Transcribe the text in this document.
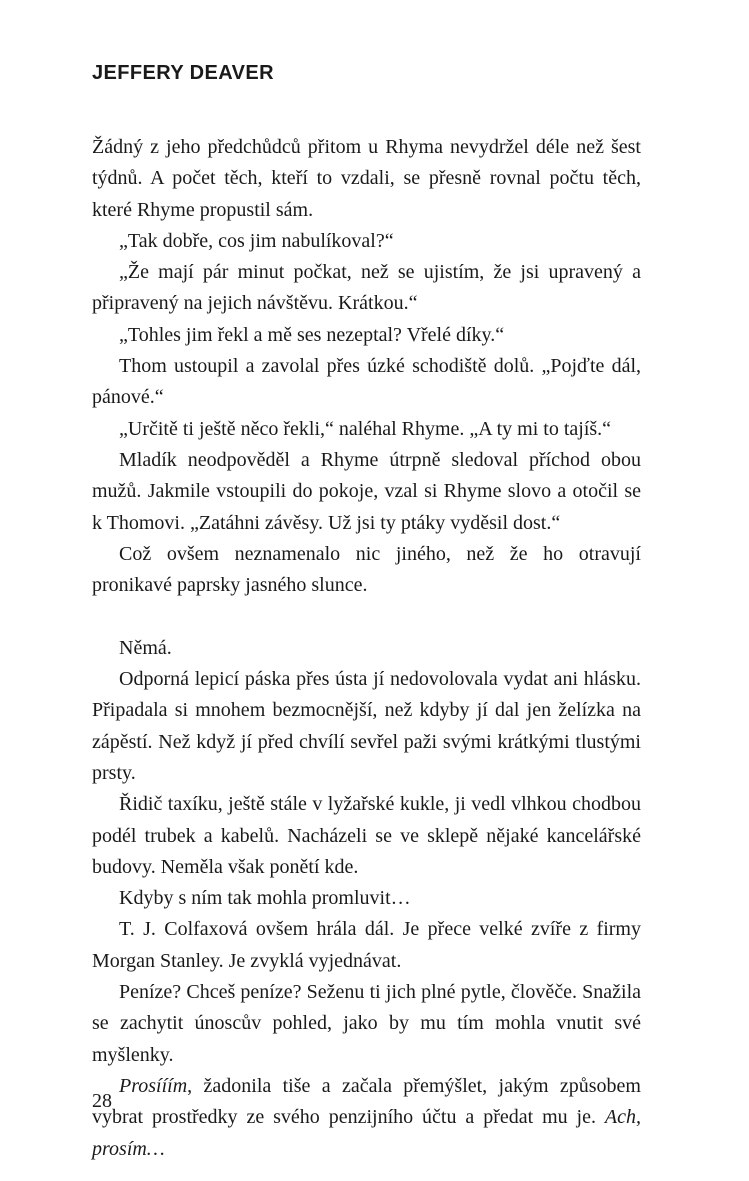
JEFFERY DEAVER

Žádný z jeho předchůdců přitom u Rhyma nevydržel déle než šest týdnů. A počet těch, kteří to vzdali, se přesně rovnal počtu těch, které Rhyme propustil sám.

„Tak dobře, cos jim nabulíkoval?“

„Že mají pár minut počkat, než se ujistím, že jsi upravený a připravený na jejich návštěvu. Krátkou.“

„Tohles jim řekl a mě ses nezeptal? Vřelé díky.“

Thom ustoupil a zavolal přes úzké schodiště dolů. „Pojďte dál, pánové.“

„Určitě ti ještě něco řekli,“ naléhal Rhyme. „A ty mi to tajíš.“

Mladík neodpověděl a Rhyme útrpně sledoval příchod obou mužů. Jakmile vstoupili do pokoje, vzal si Rhyme slovo a otočil se k Thomovi. „Zatáhni závěsy. Už jsi ty ptáky vyděsil dost.“

Což ovšem neznamenalo nic jiného, než že ho otravují pronikavé paprsky jasného slunce.

Němá.

Odporná lepicí páska přes ústa jí nedovolovala vydat ani hlásku. Připadala si mnohem bezmocnější, než kdyby jí dal jen želízka na zápěstí. Než když jí před chvílí sevřel paži svými krátkými tlustými prsty.

Řidič taxíku, ještě stále v lyžařské kukle, ji vedl vlhkou chodbou podél trubek a kabelů. Nacházeli se ve sklepě nějaké kancelářské budovy. Neměla však ponětí kde.

Kdyby s ním tak mohla promluvit…

T. J. Colfaxová ovšem hrála dál. Je přece velké zvíře z firmy Morgan Stanley. Je zvyklá vyjednávat.

Peníze? Chceš peníze? Seženu ti jich plné pytle, člověče. Snažila se zachytit únoscův pohled, jako by mu tím mohla vnutit své myšlenky.

Prosííím, žadonila tiše a začala přemýšlet, jakým způsobem vybrat prostředky ze svého penzijního účtu a předat mu je. Ach, prosím…

28
